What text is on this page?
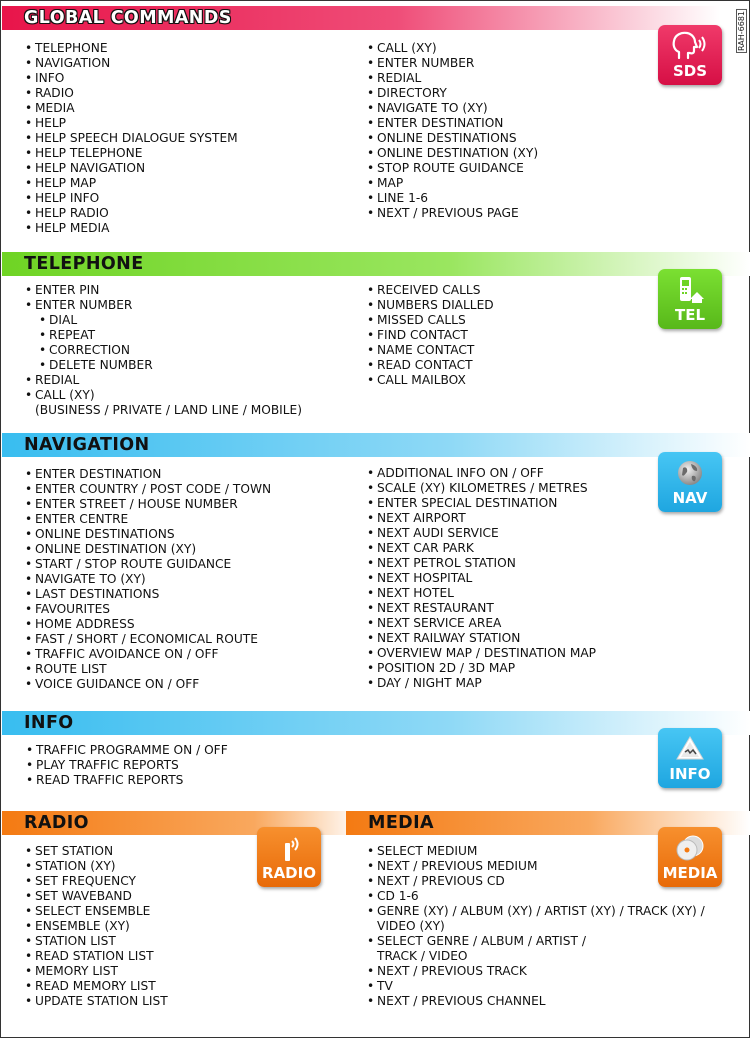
RAH-6681
GLOBAL COMMANDS
• TELEPHONE
• NAVIGATION
• INFO
• RADIO
• MEDIA
• HELP
• HELP SPEECH DIALOGUE SYSTEM
• HELP TELEPHONE
• HELP NAVIGATION
• HELP MAP
• HELP INFO
• HELP RADIO
• HELP MEDIA
• CALL (XY)
• ENTER NUMBER
• REDIAL
• DIRECTORY
• NAVIGATE TO (XY)
• ENTER DESTINATION
• ONLINE DESTINATIONS
• ONLINE DESTINATION (XY)
• STOP ROUTE GUIDANCE
• MAP
• LINE 1-6
• NEXT / PREVIOUS PAGE
SDS
TELEPHONE
• ENTER PIN
• ENTER NUMBER
• DIAL
• REPEAT
• CORRECTION
• DELETE NUMBER
• REDIAL
• CALL (XY)
(BUSINESS / PRIVATE / LAND LINE / MOBILE)
• RECEIVED CALLS
• NUMBERS DIALLED
• MISSED CALLS
• FIND CONTACT
• NAME CONTACT
• READ CONTACT
• CALL MAILBOX
TEL
NAVIGATION
• ENTER DESTINATION
• ENTER COUNTRY / POST CODE / TOWN
• ENTER STREET / HOUSE NUMBER
• ENTER CENTRE
• ONLINE DESTINATIONS
• ONLINE DESTINATION (XY)
• START / STOP ROUTE GUIDANCE
• NAVIGATE TO (XY)
• LAST DESTINATIONS
• FAVOURITES
• HOME ADDRESS
• FAST / SHORT / ECONOMICAL ROUTE
• TRAFFIC AVOIDANCE ON / OFF
• ROUTE LIST
• VOICE GUIDANCE ON / OFF
• ADDITIONAL INFO ON / OFF
• SCALE (XY) KILOMETRES / METRES
• ENTER SPECIAL DESTINATION
• NEXT AIRPORT
• NEXT AUDI SERVICE
• NEXT CAR PARK
• NEXT PETROL STATION
• NEXT HOSPITAL
• NEXT HOTEL
• NEXT RESTAURANT
• NEXT SERVICE AREA
• NEXT RAILWAY STATION
• OVERVIEW MAP / DESTINATION MAP
• POSITION 2D / 3D MAP
• DAY / NIGHT MAP
NAV
INFO
• TRAFFIC PROGRAMME ON / OFF
• PLAY TRAFFIC REPORTS
• READ TRAFFIC REPORTS	INFO
RADIO
• SET STATION
• STATION (XY)
• SET FREQUENCY
• SET WAVEBAND
• SELECT ENSEMBLE
• ENSEMBLE (XY)
• STATION LIST
• READ STATION LIST
• MEMORY LIST
• READ MEMORY LIST
• UPDATE STATION LIST
RADIO
MEDIA
• SELECT MEDIUM
• NEXT / PREVIOUS MEDIUM
• NEXT / PREVIOUS CD
• CD 1-6
• GENRE (XY) / ALBUM (XY) / ARTIST (XY) / TRACK (XY) /
VIDEO (XY)
• SELECT GENRE / ALBUM / ARTIST /
TRACK / VIDEO
• NEXT / PREVIOUS TRACK
• TV
• NEXT / PREVIOUS CHANNEL
MEDIA
